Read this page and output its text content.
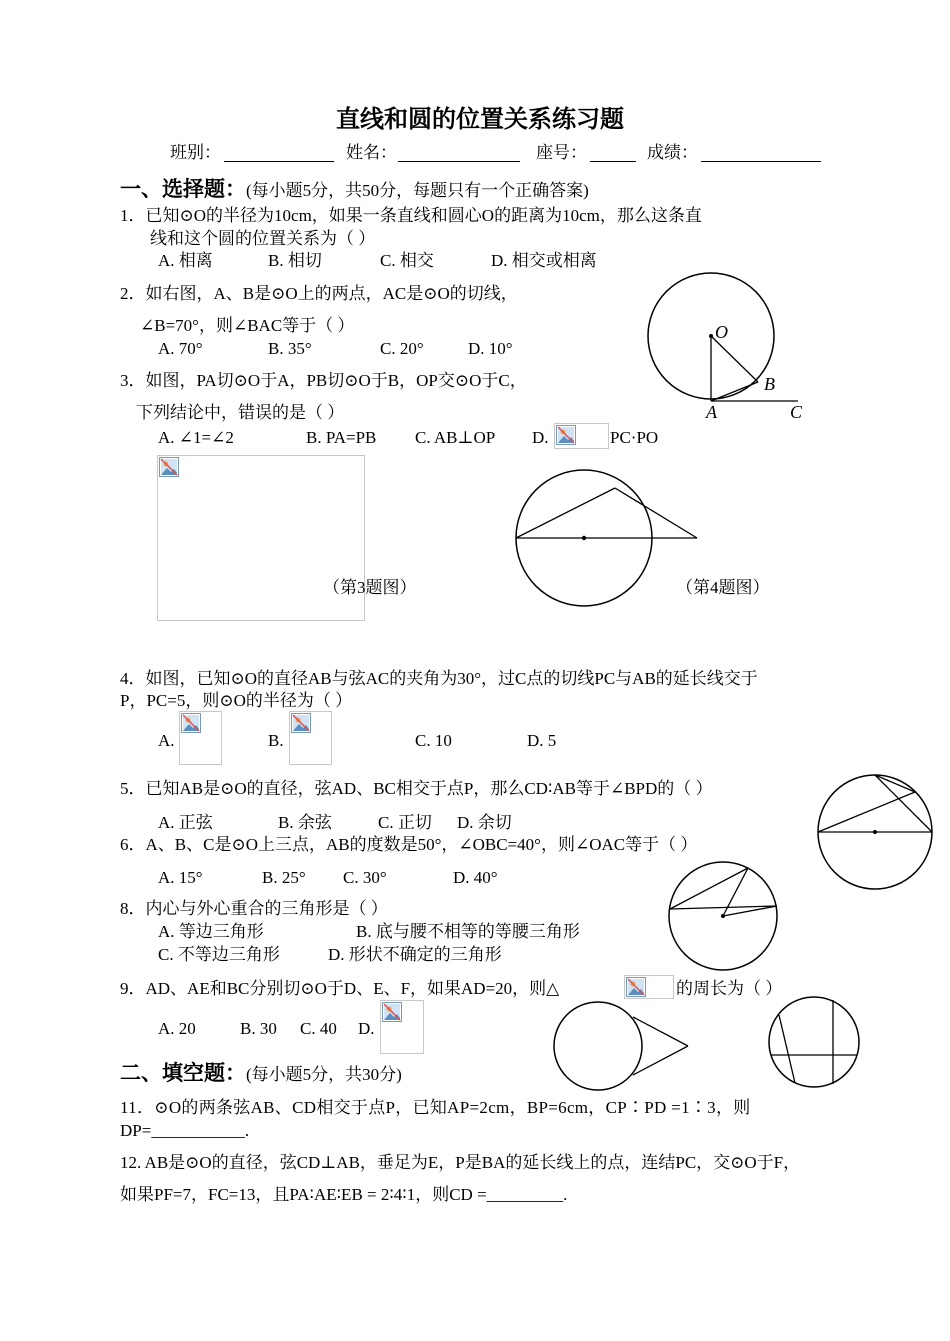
直线和圆的位置关系练习题
班别：	姓名：	座号：	成绩：
一、选择题：(每小题5分，共50分，每题只有一个正确答案)
1．已知⊙O的半径为10cm，如果一条直线和圆心O的距离为10cm，那么这条直
线和这个圆的位置关系为（ ）
A. 相离	B. 相切	C. 相交	D. 相交或相离
2．如右图，A、B是⊙O上的两点，AC是⊙O的切线，
∠B=70°，则∠BAC等于（ ）
A. 70°	B. 35°	C. 20°	D. 10°
O
B
A	C
3．如图，PA切⊙O于A，PB切⊙O于B，OP交⊙O于C，
下列结论中，错误的是（ ）
A. ∠1=∠2	B. PA=PB C. AB⊥OP D.	PC·PO
（第3题图）	（第4题图）
4．如图，已知⊙O的直径AB与弦AC的夹角为30°，过C点的切线PC与AB的延长线交于
P，PC=5，则⊙O的半径为（ ）
A.	B.	C. 10	D. 5
5．已知AB是⊙O的直径，弦AD、BC相交于点P，那么CD∶AB等于∠BPD的（ ）
A. 正弦	B. 余弦	C. 正切 D. 余切
6．A、B、C是⊙O上三点，AB的度数是50°，∠OBC=40°，则∠OAC等于（ ）
A. 15°	B. 25° C. 30°	D. 40°
8．内心与外心重合的三角形是（ ）
A. 等边三角形	B. 底与腰不相等的等腰三角形
C. 不等边三角形	D. 形状不确定的三角形
9．AD、AE和BC分别切⊙O于D、E、F，如果AD=20，则△	的周长为（ ）
A. 20	B. 30 C. 40 D.
二、填空题：(每小题5分，共30分)
11．⊙O的两条弦AB、CD相交于点P，已知AP=2cm，BP=6cm，CP∶PD =1∶3，则
DP=___________.
12. AB是⊙O的直径，弦CD⊥AB，垂足为E，P是BA的延长线上的点，连结PC，交⊙O于F，
如果PF=7，FC=13，且PA∶AE∶EB = 2∶4∶1，则CD =_________.
